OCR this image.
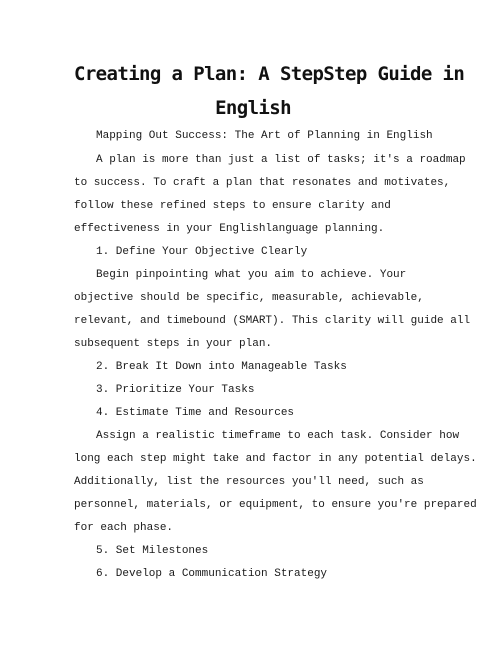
Creating a Plan: A StepStep Guide in
English
Mapping Out Success: The Art of Planning in English
A plan is more than just a list of tasks; it's a roadmap
to success. To craft a plan that resonates and motivates,
follow these refined steps to ensure clarity and
effectiveness in your Englishlanguage planning.
1. Define Your Objective Clearly
Begin pinpointing what you aim to achieve. Your
objective should be specific, measurable, achievable,
relevant, and timebound (SMART). This clarity will guide all
subsequent steps in your plan.
2. Break It Down into Manageable Tasks
3. Prioritize Your Tasks
4. Estimate Time and Resources
Assign a realistic timeframe to each task. Consider how
long each step might take and factor in any potential delays.
Additionally, list the resources you'll need, such as
personnel, materials, or equipment, to ensure you're prepared
for each phase.
5. Set Milestones
6. Develop a Communication Strategy
